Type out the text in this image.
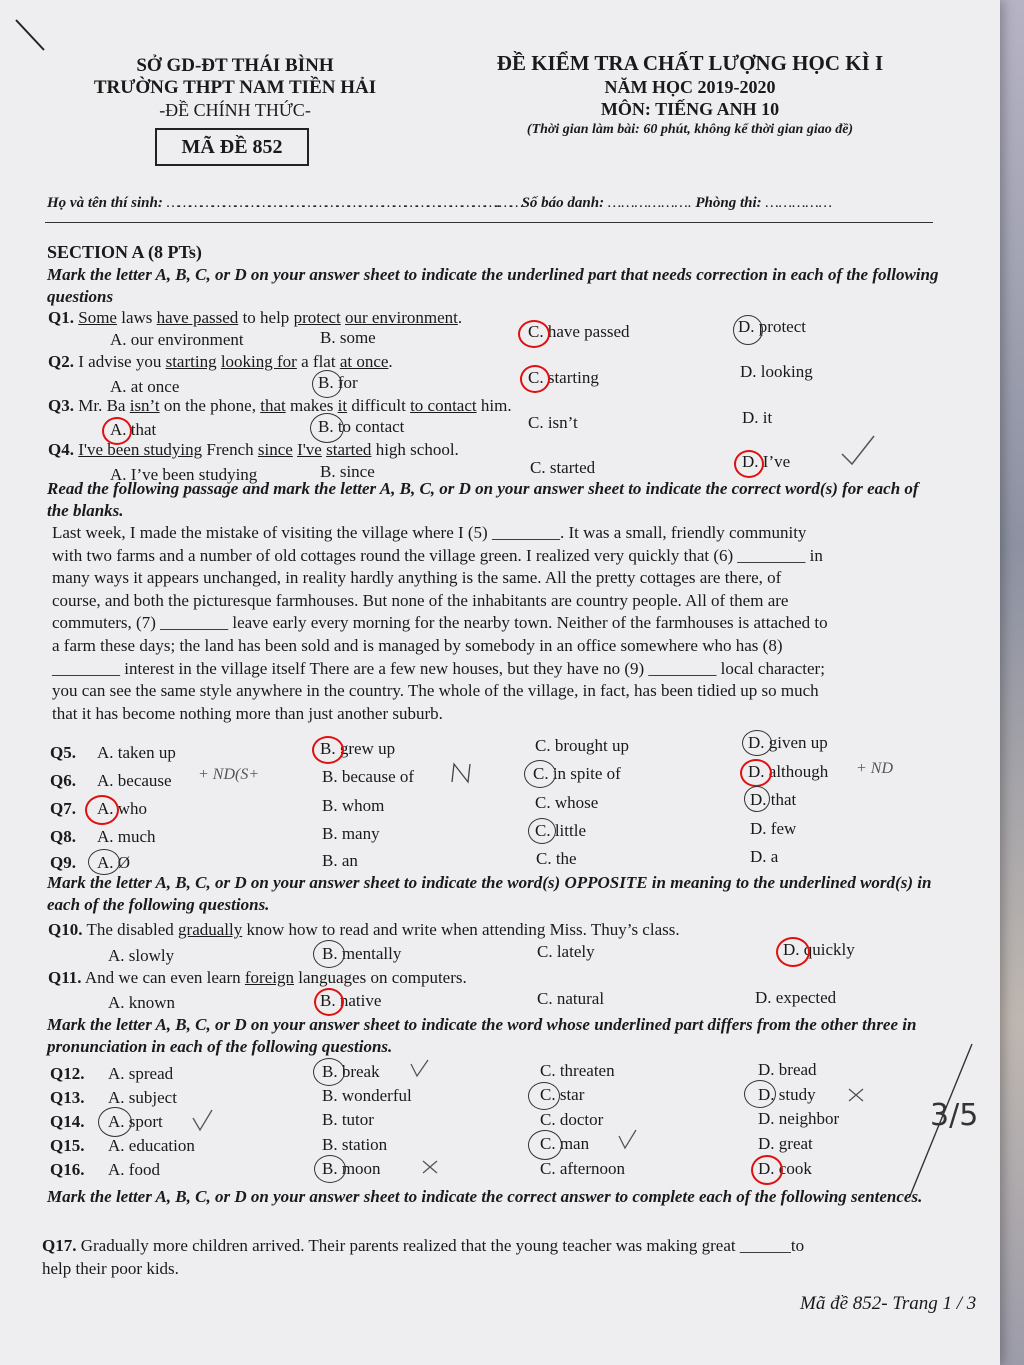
SỞ GD-ĐT THÁI BÌNH
TRƯỜNG THPT NAM TIỀN HẢI
-ĐỀ CHÍNH THỨC-
MÃ ĐỀ 852
ĐỀ KIỂM TRA CHẤT LƯỢNG HỌC KÌ I
NĂM HỌC 2019-2020
MÔN: TIẾNG ANH 10
(Thời gian làm bài: 60 phút, không kể thời gian giao đề)
Họ và tên thí sinh: ……………………………………………………………………………..……Số báo danh: ………………. Phòng thi: ……………
SECTION A (8 PTs)
Mark the letter A, B, C, or D on your answer sheet to indicate the underlined part that needs correction in each of the following questions
Q1. Some laws have passed to help protect our environment.
A. our environment	B. some	C. have passed	D. protect
Q2. I advise you starting looking for a flat at once.
A. at once	B. for	C. starting	D. looking
Q3. Mr. Ba isn’t on the phone, that makes it difficult to contact him.
A. that	B. to contact	C. isn’t	D. it
Q4. I've been studying French since I've started high school.
A. I’ve been studying	B. since	C. started	D. I’ve
Read the following passage and mark the letter A, B, C, or D on your answer sheet to indicate the correct word(s) for each of the blanks.

Last week, I made the mistake of visiting the village where I (5) ________. It was a small, friendly community

with two farms and a number of old cottages round the village green. I realized very quickly that (6) ________ in

many ways it appears unchanged, in reality hardly anything is the same. All the pretty cottages are there, of

course, and both the picturesque farmhouses. But none of the inhabitants are country people. All of them are

commuters, (7) ________ leave early every morning for the nearby town. Neither of the farmhouses is attached to

a farm these days; the land has been sold and is managed by somebody in an office somewhere who has (8)

________ interest in the village itself There are a few new houses, but they have no (9) ________ local character;

you can see the same style anywhere in the country. The whole of the village, in fact, has been tidied up so much

that it has become nothing more than just another suburb.

Q5. A. taken up	B. grew up	C. brought up	D. given up
Q6. A. because	B. because of	C. in spite of	D. although
Q7. A. who	B. whom	C. whose	D. that
Q8. A. much	B. many	C. little	D. few
Q9. A. Ø	B. an	C. the	D. a
Mark the letter A, B, C, or D on your answer sheet to indicate the word(s) OPPOSITE in meaning to the underlined word(s) in each of the following questions.
Q10. The disabled gradually know how to read and write when attending Miss. Thuy’s class.
A. slowly	B. mentally	C. lately	D. quickly
Q11. And we can even learn foreign languages on computers.
A. known	B. native	C. natural	D. expected
Mark the letter A, B, C, or D on your answer sheet to indicate the word whose underlined part differs from the other three in pronunciation in each of the following questions.
Q12. A. spread	B. break	C. threaten	D. bread
Q13. A. subject	B. wonderful	C. star	D. study
Q14. A. sport	B. tutor	C. doctor	D. neighbor
Q15. A. education	B. station	C. man	D. great
Q16. A. food	B. moon	C. afternoon	D. cook
Mark the letter A, B, C, or D on your answer sheet to indicate the correct answer to complete each of the following sentences.
Q17. Gradually more children arrived. Their parents realized that the young teacher was making great ______to
help their poor kids.
Mã đề 852- Trang 1 / 3
+ ND(S+	+ ND
3/5
